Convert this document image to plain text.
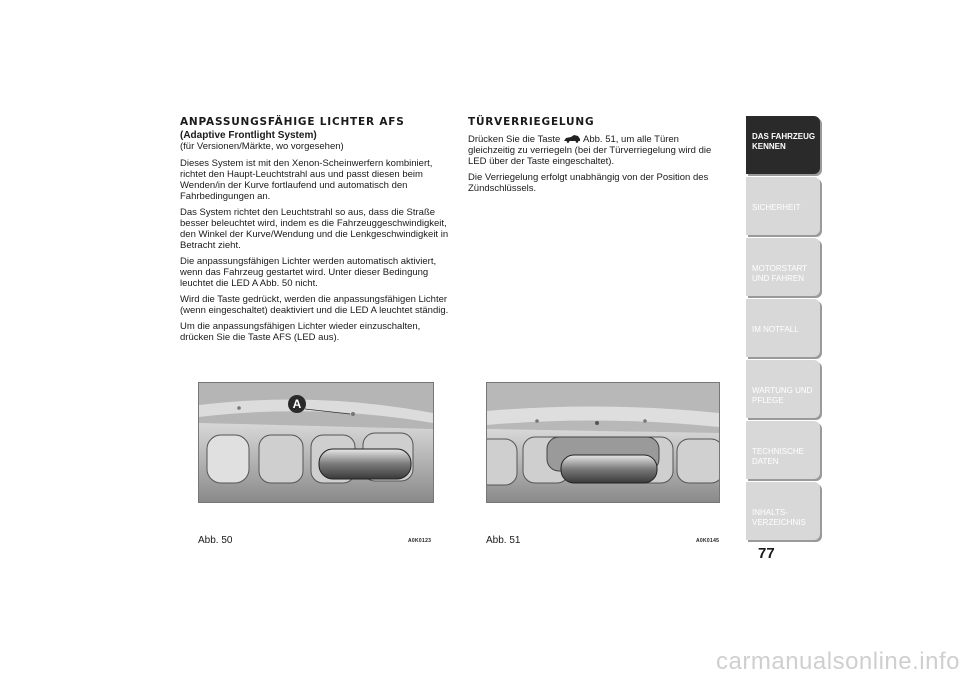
ANPASSUNGSFÄHIGE LICHTER AFS
(Adaptive Frontlight System)
(für Versionen/Märkte, wo vorgesehen)

Dieses System ist mit den Xenon-Scheinwerfern kombiniert, richtet den Haupt-Leuchtstrahl aus und passt diesen beim Wenden/in der Kurve fortlaufend und automatisch den Fahrbedingungen an.

Das System richtet den Leuchtstrahl so aus, dass die Straße besser beleuchtet wird, indem es die Fahrzeuggeschwindigkeit, den Winkel der Kurve/Wendung und die Lenkgeschwindigkeit in Betracht zieht.

Die anpassungsfähigen Lichter werden automatisch aktiviert, wenn das Fahrzeug gestartet wird. Unter dieser Bedingung leuchtet die LED A Abb. 50 nicht.

Wird die Taste gedrückt, werden die anpassungsfähigen Lichter (wenn eingeschaltet) deaktiviert und die LED A leuchtet ständig.

Um die anpassungsfähigen Lichter wieder einzuschalten, drücken Sie die Taste AFS (LED aus).

TÜRVERRIEGELUNG

Drücken Sie die Taste Abb. 51, um alle Türen gleichzeitig zu verriegeln (bei der Türverriegelung wird die LED über der Taste eingeschaltet).

Die Verriegelung erfolgt unabhängig von der Position des Zündschlüssels.

A
Abb. 50	A0K0123	Abb. 51	A0K0145
DAS FAHRZEUG KENNEN
SICHERHEIT
MOTORSTART UND FAHREN
IM NOTFALL
WARTUNG UND PFLEGE
TECHNISCHE DATEN
INHALTS- VERZEICHNIS
77
carmanualsonline.info
